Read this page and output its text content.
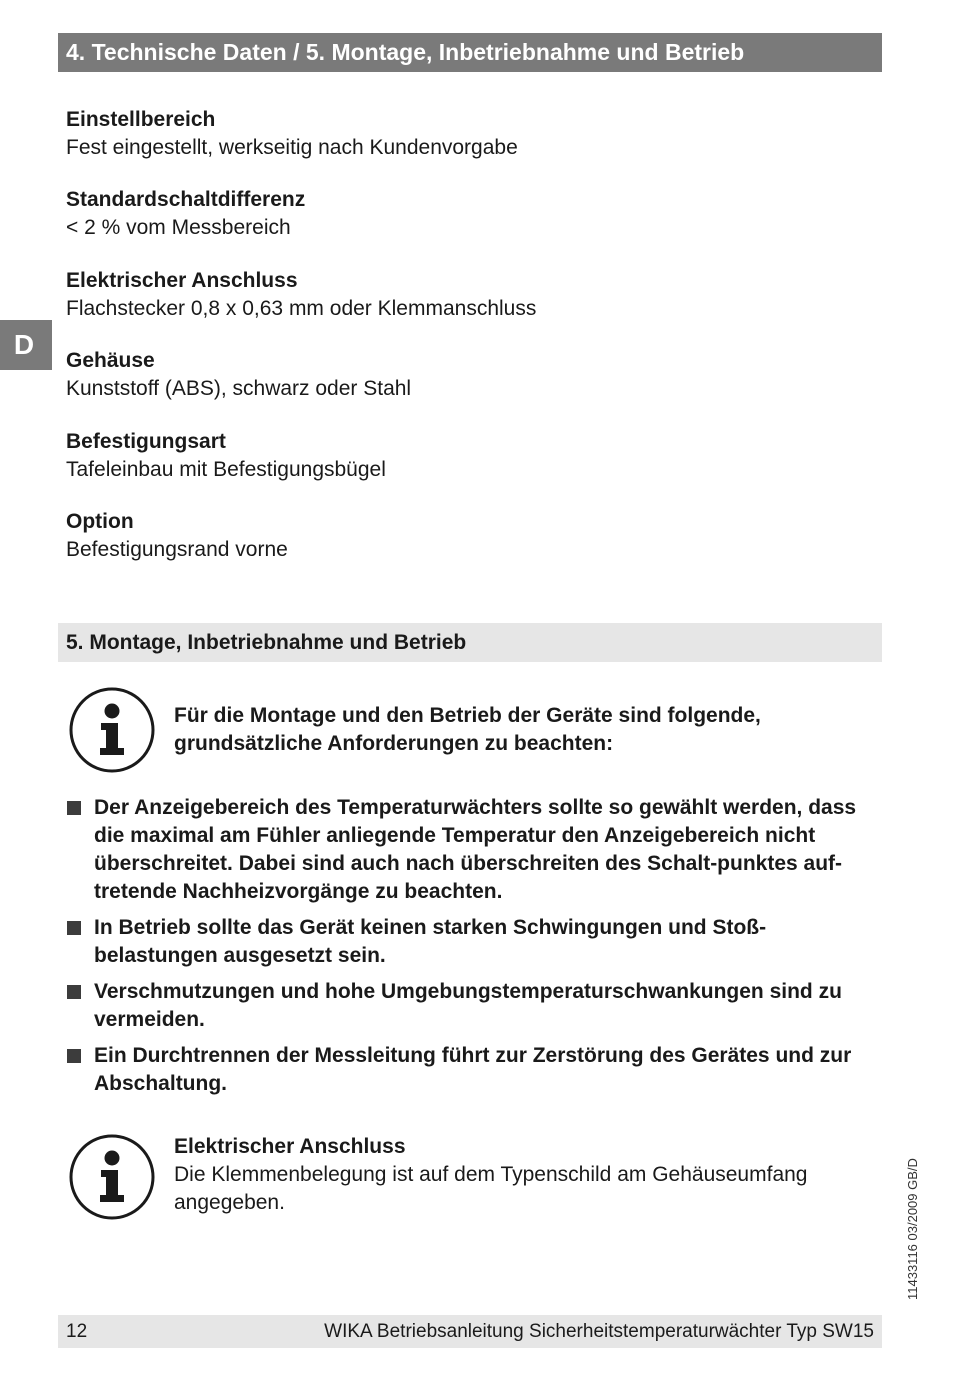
4. Technische Daten / 5. Montage, Inbetriebnahme und Betrieb
D
Einstellbereich
Fest eingestellt, werkseitig nach Kundenvorgabe
Standardschaltdifferenz
< 2 % vom Messbereich
Elektrischer Anschluss
Flachstecker 0,8 x 0,63 mm oder Klemmanschluss
Gehäuse
Kunststoff (ABS), schwarz oder Stahl
Befestigungsart
Tafeleinbau mit Befestigungsbügel
Option
Befestigungsrand vorne
5. Montage, Inbetriebnahme und Betrieb
Für die Montage und den Betrieb der Geräte sind folgende, grundsätzliche Anforderungen zu beachten:
Der Anzeigebereich des Temperaturwächters sollte so gewählt werden, dass die maximal am Fühler anliegende Temperatur den Anzeigebereich nicht überschreitet. Dabei sind auch nach überschreiten des Schalt-punktes auf-tretende Nachheizvorgänge zu beachten.
In Betrieb sollte das Gerät keinen starken Schwingungen und Stoß-belastungen ausgesetzt sein.
Verschmutzungen und hohe Umgebungstemperaturschwankungen sind zu vermeiden.
Ein Durchtrennen der Messleitung führt zur Zerstörung des Gerätes und zur Abschaltung.
Elektrischer Anschluss
Die Klemmenbelegung ist auf dem Typenschild am Gehäuseumfang angegeben.	11433116 03/2009 GB/D
12	WIKA Betriebsanleitung Sicherheitstemperaturwächter Typ SW15
